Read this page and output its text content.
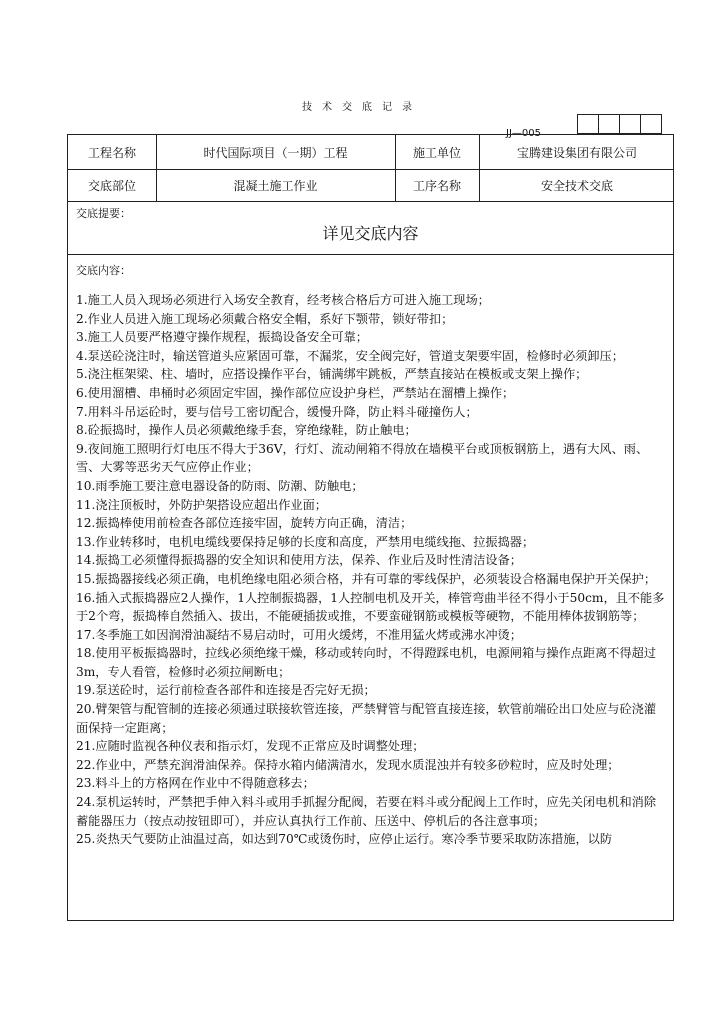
技术交底记录
JJ—005
工程名称	时代国际项目（一期）工程	施工单位	宝腾建设集团有限公司
交底部位	混凝土施工作业	工序名称	安全技术交底
交底提要：
详见交底内容
交底内容：
1.施工人员入现场必须进行入场安全教育，经考核合格后方可进入施工现场；
2.作业人员进入施工现场必须戴合格安全帽，系好下颚带，锁好带扣；
3.施工人员要严格遵守操作规程，振捣设备安全可靠；
4.泵送砼浇注时，输送管道头应紧固可靠，不漏浆，安全阀完好，管道支架要牢固，检修时必须卸压；
5.浇注框架梁、柱、墙时，应搭设操作平台，铺满绑牢跳板，严禁直接站在模板或支架上操作；
6.使用溜槽、串桶时必须固定牢固，操作部位应设护身栏，严禁站在溜槽上操作；
7.用料斗吊运砼时，要与信号工密切配合，缓慢升降，防止料斗碰撞伤人；
8.砼振捣时，操作人员必须戴绝缘手套，穿绝缘鞋，防止触电；
9.夜间施工照明行灯电压不得大于36V，行灯、流动闸箱不得放在墙模平台或顶板钢筋上，遇有大风、雨、雪、大雾等恶劣天气应停止作业；
10.雨季施工要注意电器设备的防雨、防潮、防触电；
11.浇注顶板时，外防护架搭设应超出作业面；
12.振捣棒使用前检查各部位连接牢固，旋转方向正确，清洁；
13.作业转移时，电机电缆线要保持足够的长度和高度，严禁用电缆线拖、拉振捣器；
14.振捣工必须懂得振捣器的安全知识和使用方法，保养、作业后及时性清洁设备；
15.振捣器接线必须正确，电机绝缘电阻必须合格，并有可靠的零线保护，必须装设合格漏电保护开关保护；
16.插入式振捣器应2人操作，1人控制振捣器，1人控制电机及开关，棒管弯曲半径不得小于50cm，且不能多于2个弯，振捣棒自然插入、拔出，不能硬插拔或推，不要蛮碰钢筋或模板等硬物，不能用棒体拔钢筋等；
17.冬季施工如因润滑油凝结不易启动时，可用火缓烤，不准用猛火烤或沸水冲烫；
18.使用平板振捣器时，拉线必须绝缘干燥，移动或转向时，不得蹬踩电机，电源闸箱与操作点距离不得超过3m，专人看管，检修时必须拉闸断电；
19.泵送砼时，运行前检查各部件和连接是否完好无损；
20.臂架管与配管制的连接必须通过联接软管连接，严禁臂管与配管直接连接，软管前端砼出口处应与砼浇灌面保持一定距离；
21.应随时监视各种仪表和指示灯，发现不正常应及时调整处理；
22.作业中，严禁充润滑油保养。保持水箱内储满清水，发现水质混浊并有较多砂粒时，应及时处理；
23.料斗上的方格网在作业中不得随意移去；
24.泵机运转时，严禁把手伸入料斗或用手抓握分配阀，若要在料斗或分配阀上工作时，应先关闭电机和消除蓄能器压力（按点动按钮即可），并应认真执行工作前、压送中、停机后的各注意事项；
25.炎热天气要防止油温过高，如达到70℃或烫伤时，应停止运行。寒冷季节要采取防冻措施，以防
